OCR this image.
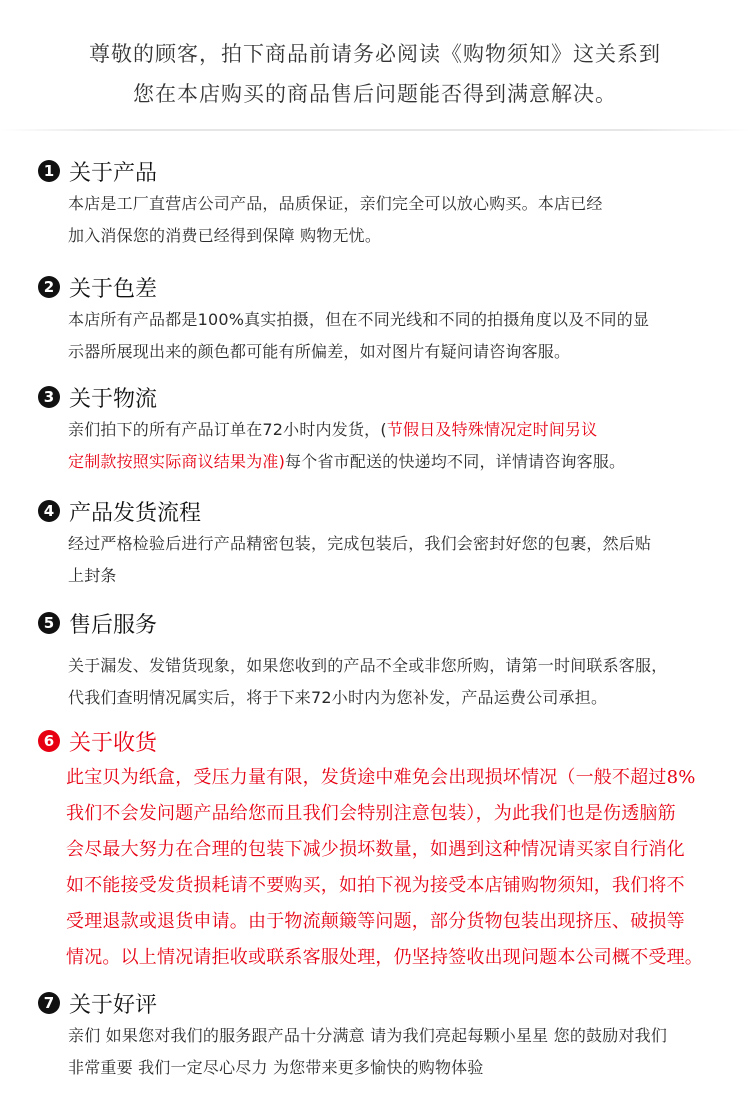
尊敬的顾客，拍下商品前请务必阅读《购物须知》这关系到
您在本店购买的商品售后问题能否得到满意解决。
1 关于产品
本店是工厂直营店公司产品，品质保证，亲们完全可以放心购买。本店已经
加入消保您的消费已经得到保障 购物无忧。
2 关于色差
本店所有产品都是100%真实拍摄，但在不同光线和不同的拍摄角度以及不同的显
示器所展现出来的颜色都可能有所偏差，如对图片有疑问请咨询客服。
3 关于物流
亲们拍下的所有产品订单在72小时内发货，(节假日及特殊情况定时间另议
定制款按照实际商议结果为准)每个省市配送的快递均不同，详情请咨询客服。
4 产品发货流程
经过严格检验后进行产品精密包装，完成包装后，我们会密封好您的包裹，然后贴
上封条
5 售后服务
关于漏发、发错货现象，如果您收到的产品不全或非您所购，请第一时间联系客服，
代我们查明情况属实后，将于下来72小时内为您补发，产品运费公司承担。
6 关于收货
此宝贝为纸盒，受压力量有限，发货途中难免会出现损坏情况（一般不超过8%
我们不会发问题产品给您而且我们会特别注意包装），为此我们也是伤透脑筋
会尽最大努力在合理的包装下减少损坏数量，如遇到这种情况请买家自行消化
如不能接受发货损耗请不要购买，如拍下视为接受本店铺购物须知，我们将不
受理退款或退货申请。由于物流颠簸等问题，部分货物包装出现挤压、破损等
情况。以上情况请拒收或联系客服处理，仍坚持签收出现问题本公司概不受理。
7 关于好评
亲们 如果您对我们的服务跟产品十分满意 请为我们亮起每颗小星星 您的鼓励对我们
非常重要 我们一定尽心尽力 为您带来更多愉快的购物体验
